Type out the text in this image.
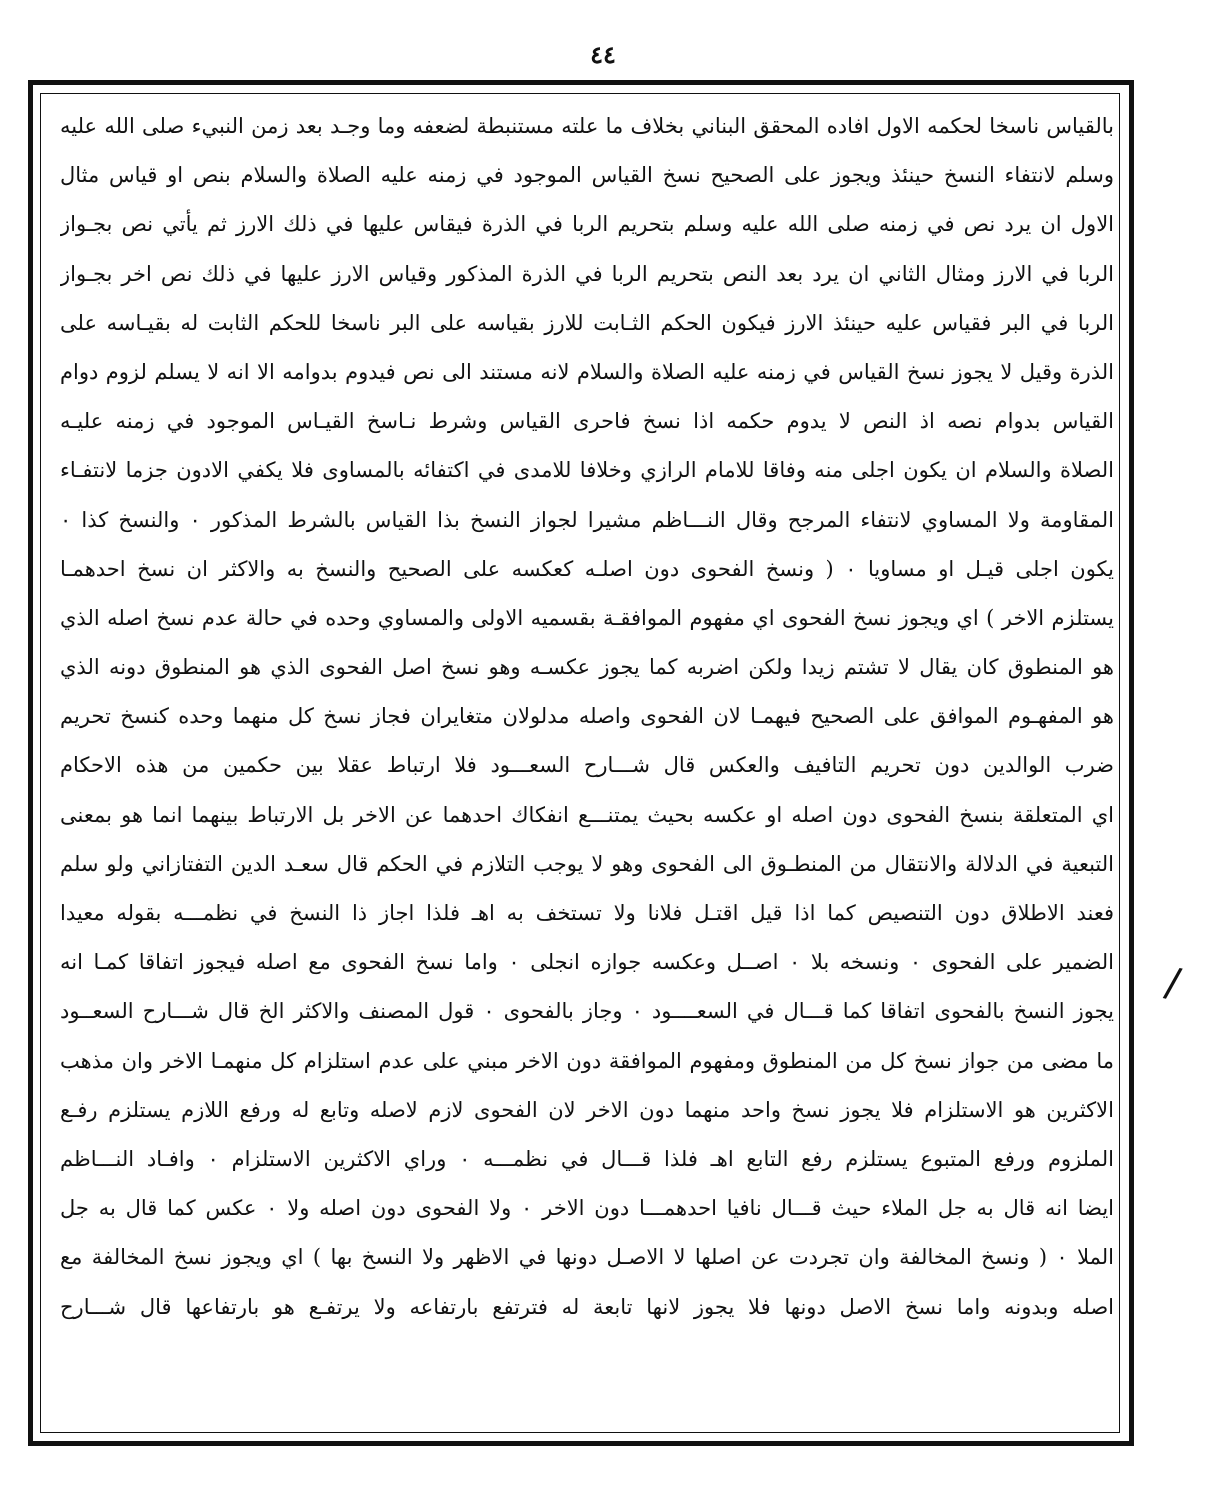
٤٤
بالقياس ناسخا لحكمه الاول افاده المحقق البناني بخلاف ما علته مستنبطة لضعفه وما وجـد بعد زمن النبيء صلى الله عليه
وسلم لانتفاء النسخ حينئذ ويجوز على الصحيح نسخ القياس الموجود في زمنه عليه الصلاة والسلام بنص او قياس مثال
الاول ان يرد نص في زمنه صلى الله عليه وسلم بتحريم الربا في الذرة فيقاس عليها في ذلك الارز ثم يأتي نص بجـواز
الربا في الارز ومثال الثاني ان يرد بعد النص بتحريم الربا في الذرة المذكور وقياس الارز عليها في ذلك نص اخر بجـواز
الربا في البر فقياس عليه حينئذ الارز فيكون الحكم الثـابت للارز بقياسه على البر ناسخا للحكم الثابت له بقيـاسه على
الذرة وقيل لا يجوز نسخ القياس في زمنه عليه الصلاة والسلام لانه مستند الى نص فيدوم بدوامه الا انه لا يسلم لزوم دوام
القياس بدوام نصه اذ النص لا يدوم حكمه اذا نسخ فاحرى القياس وشرط نـاسخ القيـاس الموجود في زمنه عليـه
الصلاة والسلام ان يكون اجلى منه وفاقا للامام الرازي وخلافا للامدى في اكتفائه بالمساوى فلا يكفي الادون جزما لانتفـاء
المقاومة ولا المساوي لانتفاء المرجح وقال النـــاظم مشيرا لجواز النسخ بذا القياس بالشرط المذكور ٠ والنسخ كذا ٠
يكون اجلى قيـل او مساويا ٠ ( ونسخ الفحوى دون اصلـه كعكسه على الصحيح والنسخ به والاكثر ان نسخ احدهمـا
يستلزم الاخر ) اي ويجوز نسخ الفحوى اي مفهوم الموافقـة بقسميه الاولى والمساوي وحده في حالة عدم نسخ اصله الذي
هو المنطوق كان يقال لا تشتم زيدا ولكن اضربه كما يجوز عكسـه وهو نسخ اصل الفحوى الذي هو المنطوق دونه الذي
هو المفهـوم الموافق على الصحيح فيهمـا لان الفحوى واصله مدلولان متغايران فجاز نسخ كل منهما وحده كنسخ تحريم
ضرب الوالدين دون تحريم التافيف والعكس قال شـــارح السعـــود فلا ارتباط عقلا بين حكمين من هذه الاحكام
اي المتعلقة بنسخ الفحوى دون اصله او عكسه بحيث يمتنـــع انفكاك احدهما عن الاخر بل الارتباط بينهما انما هو بمعنى
التبعية في الدلالة والانتقال من المنطـوق الى الفحوى وهو لا يوجب التلازم في الحكم قال سعـد الدين التفتازاني ولو سلم
فعند الاطلاق دون التنصيص كما اذا قيل اقتـل فلانا ولا تستخف به اهـ فلذا اجاز ذا النسخ في نظمـــه بقوله معيدا
الضمير على الفحوى ٠ ونسخه بلا ٠ اصــل وعكسه جوازه انجلى ٠ واما نسخ الفحوى مع اصله فيجوز اتفاقا كمـا انه
يجوز النسخ بالفحوى اتفاقا كما قـــال في السعــــود ٠ وجاز بالفحوى ٠ قول المصنف والاكثر الخ قال شـــارح السعــود
ما مضى من جواز نسخ كل من المنطوق ومفهوم الموافقة دون الاخر مبني على عدم استلزام كل منهمـا الاخر وان مذهب
الاكثرين هو الاستلزام فلا يجوز نسخ واحد منهما دون الاخر لان الفحوى لازم لاصله وتابع له ورفع اللازم يستلزم رفـع
الملزوم ورفع المتبوع يستلزم رفع التابع اهـ فلذا قـــال في نظمـــه ٠ وراي الاكثرين الاستلزام ٠ وافـاد النـــاظم
ايضا انه قال به جل الملاء حيث قـــال نافيا احدهمـــا دون الاخر ٠ ولا الفحوى دون اصله ولا ٠ عكس كما قال به جل
الملا ٠ ( ونسخ المخالفة وان تجردت عن اصلها لا الاصـل دونها في الاظهر ولا النسخ بها ) اي ويجوز نسخ المخالفة مع
اصله وبدونه واما نسخ الاصل دونها فلا يجوز لانها تابعة له فترتفع بارتفاعه ولا يرتفـع هو بارتفاعها قال شـــارح
/
